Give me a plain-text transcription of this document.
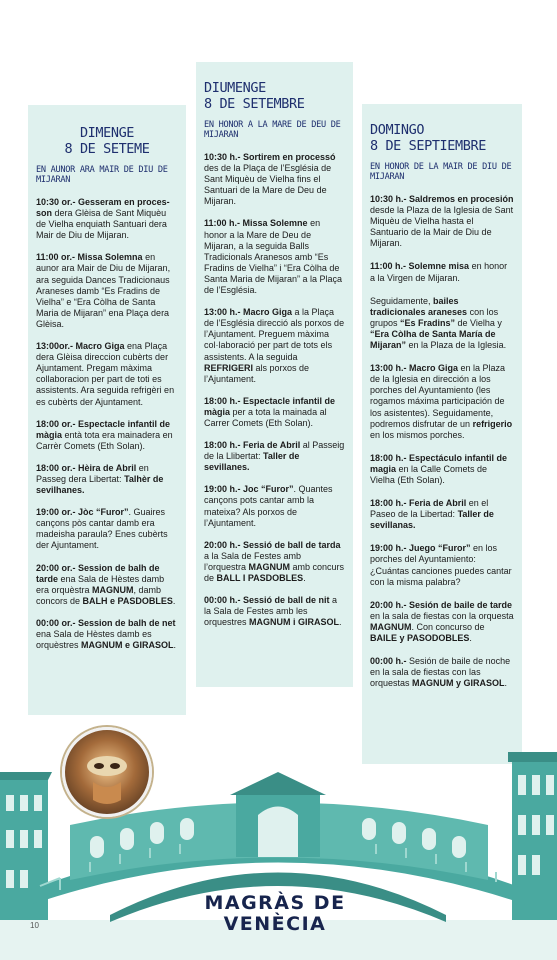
DIMENGE
8 DE SETEME

EN AUNOR ARA MAIR DE DIU DE MIJARAN

10:30 or.- Gesseram en proces-son dera Glèisa de Sant Miquèu de Vielha enquiath Santuari dera Mair de Diu de Mijaran.

11:00 or.- Missa Solemna en aunor ara Mair de Diu de Mijaran, ara seguida Dances Tradicionaus Araneses damb “Es Fradins de Vielha” e “Era Còlha de Santa Maria de Mijaran” ena Plaça dera Glèisa.

13:00or.- Macro Giga ena Plaça dera Glèisa direccion cubèrts der Ajuntament. Pregam màxima collaboracion per part de toti es assistents. Ara seguida refrigèri en es cubèrts der Ajuntament.

18:00 or.- Espectacle infantil de màgia entà tota era mainadera en Carrèr Comets (Eth Solan).

18:00 or.- Hèira de Abril en Passeg dera Libertat: Talhèr de sevilhanes.

19:00 or.- Jòc “Furor”. Guaires cançons pòs cantar damb era madeisha paraula? Enes cubèrts der Ajuntament.

20:00 or.- Session de balh de tarde ena Sala de Hèstes damb era orquèstra MAGNUM, damb concors de BALH e PASDOBLES.

00:00 or.- Session de balh de net ena Sala de Hèstes damb es orquèstres MAGNUM e GIRASOL.

DIUMENGE
8 DE SETEMBRE

EN HONOR A LA MARE DE DEU DE MIJARAN

10:30 h.- Sortirem en processó des de la Plaça de l’Església de Sant Miquèu de Vielha fins el Santuari de la Mare de Deu de Mijaran.

11:00 h.- Missa Solemne en honor a la Mare de Deu de Mijaran, a la seguida Balls Tradicionals Aranesos amb “Es Fradins de Vielha” i “Era Còlha de Santa Maria de Mijaran” a la Plaça de l’Església.

13:00 h.- Macro Giga a la Plaça de l’Església direcció als porxos de l’Ajuntament. Preguem màxima col·laboració per part de tots els assistents. A la seguida REFRIGERI als porxos de l’Ajuntament.

18:00 h.- Espectacle infantil de màgia per a tota la mainada al Carrer Comets (Eth Solan).

18:00 h.- Feria de Abril al Passeig de la Llibertat: Taller de sevillanes.

19:00 h.- Joc “Furor”. Quantes cançons pots cantar amb la mateixa? Als porxos de l’Ajuntament.

20:00 h.- Sessió de ball de tarda a la Sala de Festes amb l’orquestra MAGNUM amb concurs de BALL I PASDOBLES.

00:00 h.- Sessió de ball de nit a la Sala de Festes amb les orquestres MAGNUM i GIRASOL.

DOMINGO
8 DE SEPTIEMBRE

EN HONOR DE LA MAIR DE DIU DE MIJARAN

10:30 h.- Saldremos en procesión desde la Plaza de la Iglesia de Sant Miquèu de Vielha hasta el Santuario de la Mair de Diu de Mijaran.

11:00 h.- Solemne misa en honor a la Virgen de Mijaran.

Seguidamente, bailes tradicionales araneses con los grupos “Es Fradins” de Vielha y “Era Còlha de Santa María de Mijaran” en la Plaza de la Iglesia.

13:00 h.- Macro Giga en la Plaza de la Iglesia en dirección a los porches del Ayuntamiento (les rogamos máxima participación de los asistentes). Seguidamente, podremos disfrutar de un refrigerio en los mismos porches.

18:00 h.- Espectáculo infantil de magia en la Calle Comets de Vielha (Eth Solan).

18:00 h.- Feria de Abril en el Paseo de la Libertad: Taller de sevillanas.

19:00 h.- Juego “Furor” en los porches del Ayuntamiento: ¿Cuántas canciones puedes cantar con la misma palabra?

20:00 h.- Sesión de baile de tarde en la sala de fiestas con la orquesta MAGNUM. Con concurso de BAILE y PASODOBLES.

00:00 h.- Sesión de baile de noche en la sala de fiestas con las orquestas MAGNUM y GIRASOL.

MAGRÀS DE
VENÈCIA
10
